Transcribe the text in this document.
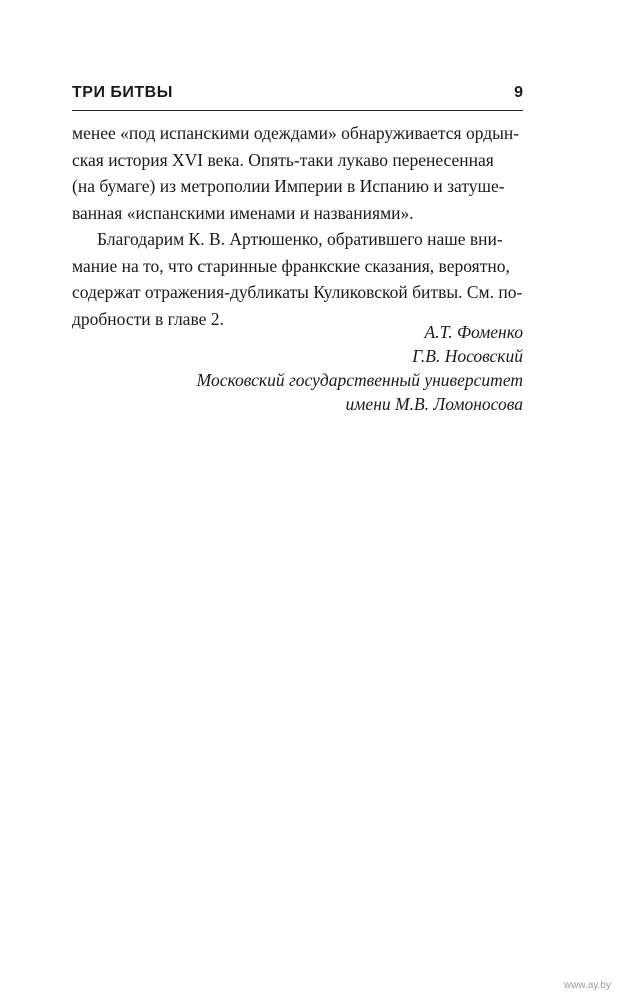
ТРИ БИТВЫ	9
менее «под испанскими одеждами» обнаруживается ордын-
ская история XVI века. Опять-таки лукаво перенесенная
(на бумаге) из метрополии Империи в Испанию и затуше-
ванная «испанскими именами и названиями».
Благодарим К. В. Артюшенко, обратившего наше вни-
мание на то, что старинные франкские сказания, вероятно,
содержат отражения-дубликаты Куликовской битвы. См. по-
дробности в главе 2.
А.Т. Фоменко
Г.В. Носовский
Московский государственный университет
имени М.В. Ломоносова
www.ay.by
